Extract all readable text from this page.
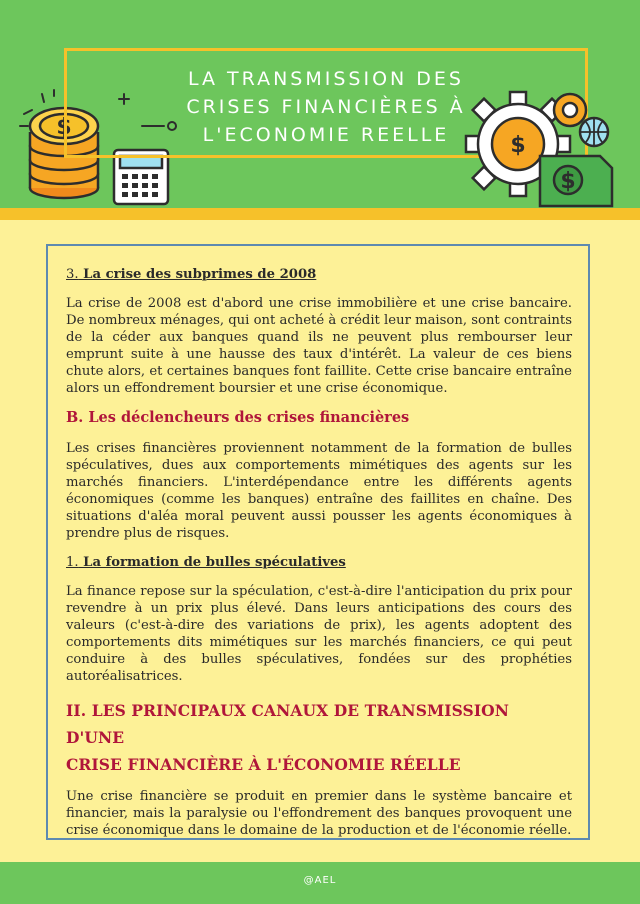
$
LA TRANSMISSION DES
CRISES FINANCIÈRES À
L'ECONOMIE REELLE	$
$
3. La crise des subprimes de 2008

La crise de 2008 est d'abord une crise immobilière et une crise bancaire. De nombreux ménages, qui ont acheté à crédit leur maison, sont contraints de la céder aux banques quand ils ne peuvent plus rembourser leur emprunt suite à une hausse des taux d'intérêt. La valeur de ces biens chute alors, et certaines banques font faillite. Cette crise bancaire entraîne alors un effondrement boursier et une crise économique.

B. Les déclencheurs des crises financières

Les crises financières proviennent notamment de la formation de bulles spéculatives, dues aux comportements mimétiques des agents sur les marchés financiers. L'interdépendance entre les différents agents économiques (comme les banques) entraîne des faillites en chaîne. Des situations d'aléa moral peuvent aussi pousser les agents économiques à prendre plus de risques.

1. La formation de bulles spéculatives

La finance repose sur la spéculation, c'est-à-dire l'anticipation du prix pour revendre à un prix plus élevé. Dans leurs anticipations des cours des valeurs (c'est-à-dire des variations de prix), les agents adoptent des comportements dits mimétiques sur les marchés financiers, ce qui peut conduire à des bulles spéculatives, fondées sur des prophéties autoréalisatrices.

II. LES PRINCIPAUX CANAUX DE TRANSMISSION D'UNE
CRISE FINANCIÈRE À L'ÉCONOMIE RÉELLE

Une crise financière se produit en premier dans le système bancaire et financier, mais la paralysie ou l'effondrement des banques provoquent une crise économique dans le domaine de la production et de l'économie réelle.

@AEL
